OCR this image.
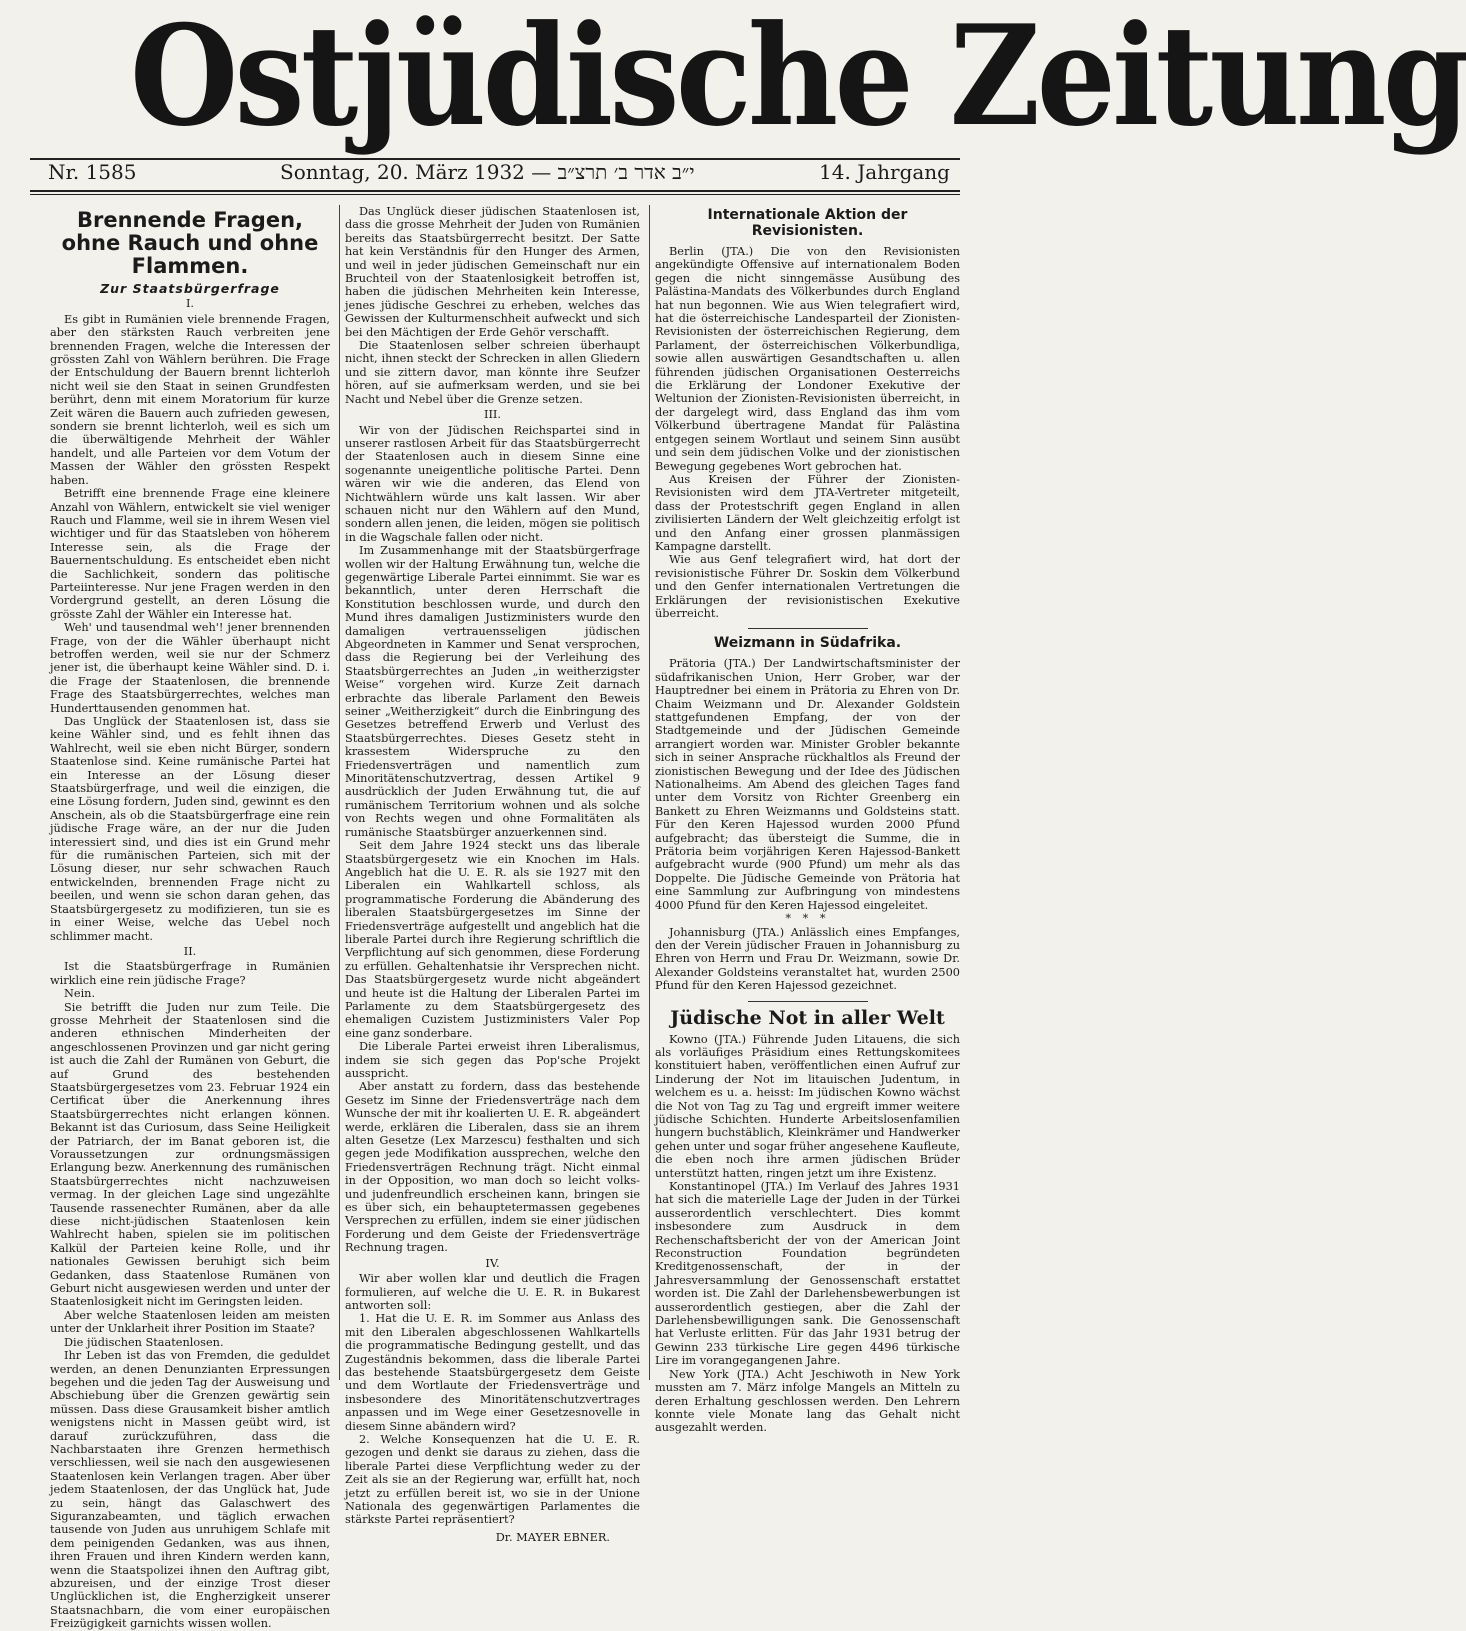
Ostjüdische Zeitung
Nr. 1585	Sonntag, 20. März 1932 — י״ב אדר ב׳ תרצ״ב	14. Jahrgang
Brennende Fragen, ohne Rauch und ohne Flammen.
Zur Staatsbürgerfrage

I.

Es gibt in Rumänien viele brennende Fragen, aber den stärksten Rauch verbreiten jene brennenden Fragen, welche die Interessen der grössten Zahl von Wählern berühren. Die Frage der Entschuldung der Bauern brennt lichterloh nicht weil sie den Staat in seinen Grundfesten berührt, denn mit einem Moratorium für kurze Zeit wären die Bauern auch zufrieden gewesen, sondern sie brennt lichterloh, weil es sich um die überwältigende Mehrheit der Wähler handelt, und alle Parteien vor dem Votum der Massen der Wähler den grössten Respekt haben.

Betrifft eine brennende Frage eine kleinere Anzahl von Wählern, entwickelt sie viel weniger Rauch und Flamme, weil sie in ihrem Wesen viel wichtiger und für das Staatsleben von höherem Interesse sein, als die Frage der Bauernentschuldung. Es entscheidet eben nicht die Sachlichkeit, sondern das politische Parteiinteresse. Nur jene Fragen werden in den Vordergrund gestellt, an deren Lösung die grösste Zahl der Wähler ein Interesse hat.

Weh' und tausendmal weh'! jener brennenden Frage, von der die Wähler überhaupt nicht betroffen werden, weil sie nur der Schmerz jener ist, die überhaupt keine Wähler sind. D. i. die Frage der Staatenlosen, die brennende Frage des Staatsbürgerrechtes, welches man Hunderttausenden genommen hat.

Das Unglück der Staatenlosen ist, dass sie keine Wähler sind, und es fehlt ihnen das Wahlrecht, weil sie eben nicht Bürger, sondern Staatenlose sind. Keine rumänische Partei hat ein Interesse an der Lösung dieser Staatsbürgerfrage, und weil die einzigen, die eine Lösung fordern, Juden sind, gewinnt es den Anschein, als ob die Staatsbürgerfrage eine rein jüdische Frage wäre, an der nur die Juden interessiert sind, und dies ist ein Grund mehr für die rumänischen Parteien, sich mit der Lösung dieser, nur sehr schwachen Rauch entwickelnden, brennenden Frage nicht zu beeilen, und wenn sie schon daran gehen, das Staatsbürgergesetz zu modifizieren, tun sie es in einer Weise, welche das Uebel noch schlimmer macht.

II.

Ist die Staatsbürgerfrage in Rumänien wirklich eine rein jüdische Frage?

Nein.

Sie betrifft die Juden nur zum Teile. Die grosse Mehrheit der Staatenlosen sind die anderen ethnischen Minderheiten der angeschlossenen Provinzen und gar nicht gering ist auch die Zahl der Rumänen von Geburt, die auf Grund des bestehenden Staatsbürgergesetzes vom 23. Februar 1924 ein Certificat über die Anerkennung ihres Staatsbürgerrechtes nicht erlangen können. Bekannt ist das Curiosum, dass Seine Heiligkeit der Patriarch, der im Banat geboren ist, die Voraussetzungen zur ordnungsmässigen Erlangung bezw. Anerkennung des rumänischen Staatsbürgerrechtes nicht nachzuweisen vermag. In der gleichen Lage sind ungezählte Tausende rassenechter Rumänen, aber da alle diese nicht-jüdischen Staatenlosen kein Wahlrecht haben, spielen sie im politischen Kalkül der Parteien keine Rolle, und ihr nationales Gewissen beruhigt sich beim Gedanken, dass Staatenlose Rumänen von Geburt nicht ausgewiesen werden und unter der Staatenlosigkeit nicht im Geringsten leiden.

Aber welche Staatenlosen leiden am meisten unter der Unklarheit ihrer Position im Staate?

Die jüdischen Staatenlosen.

Ihr Leben ist das von Fremden, die geduldet werden, an denen Denunzianten Erpressungen begehen und die jeden Tag der Ausweisung und Abschiebung über die Grenzen gewärtig sein müssen. Dass diese Grausamkeit bisher amtlich wenigstens nicht in Massen geübt wird, ist darauf zurückzuführen, dass die Nachbarstaaten ihre Grenzen hermethisch verschliessen, weil sie nach den ausgewiesenen Staatenlosen kein Verlangen tragen. Aber über jedem Staatenlosen, der das Unglück hat, Jude zu sein, hängt das Galaschwert des Siguranzabeamten, und täglich erwachen tausende von Juden aus unruhigem Schlafe mit dem peinigenden Gedanken, was aus ihnen, ihren Frauen und ihren Kindern werden kann, wenn die Staatspolizei ihnen den Auftrag gibt, abzureisen, und der einzige Trost dieser Unglücklichen ist, die Engherzigkeit unserer Staatsnachbarn, die vom einer europäischen Freizügigkeit garnichts wissen wollen.

Das Unglück dieser jüdischen Staatenlosen ist, dass die grosse Mehrheit der Juden von Rumänien bereits das Staatsbürgerrecht besitzt. Der Satte hat kein Verständnis für den Hunger des Armen, und weil in jeder jüdischen Gemeinschaft nur ein Bruchteil von der Staatenlosigkeit betroffen ist, haben die jüdischen Mehrheiten kein Interesse, jenes jüdische Geschrei zu erheben, welches das Gewissen der Kulturmenschheit aufweckt und sich bei den Mächtigen der Erde Gehör verschafft.

Die Staatenlosen selber schreien überhaupt nicht, ihnen steckt der Schrecken in allen Gliedern und sie zittern davor, man könnte ihre Seufzer hören, auf sie aufmerksam werden, und sie bei Nacht und Nebel über die Grenze setzen.

III.

Wir von der Jüdischen Reichspartei sind in unserer rastlosen Arbeit für das Staatsbürgerrecht der Staatenlosen auch in diesem Sinne eine sogenannte uneigentliche politische Partei. Denn wären wir wie die anderen, das Elend von Nichtwählern würde uns kalt lassen. Wir aber schauen nicht nur den Wählern auf den Mund, sondern allen jenen, die leiden, mögen sie politisch in die Wagschale fallen oder nicht.

Im Zusammenhange mit der Staatsbürgerfrage wollen wir der Haltung Erwähnung tun, welche die gegenwärtige Liberale Partei einnimmt. Sie war es bekanntlich, unter deren Herrschaft die Konstitution beschlossen wurde, und durch den Mund ihres damaligen Justizministers wurde den damaligen vertrauensseligen jüdischen Abgeordneten in Kammer und Senat versprochen, dass die Regierung bei der Verleihung des Staatsbürgerrechtes an Juden „in weitherzigster Weise“ vorgehen wird. Kurze Zeit darnach erbrachte das liberale Parlament den Beweis seiner „Weitherzigkeit“ durch die Einbringung des Gesetzes betreffend Erwerb und Verlust des Staatsbürgerrechtes. Dieses Gesetz steht in krassestem Widerspruche zu den Friedensverträgen und namentlich zum Minoritätenschutzvertrag, dessen Artikel 9 ausdrücklich der Juden Erwähnung tut, die auf rumänischem Territorium wohnen und als solche von Rechts wegen und ohne Formalitäten als rumänische Staatsbürger anzuerkennen sind.

Seit dem Jahre 1924 steckt uns das liberale Staatsbürgergesetz wie ein Knochen im Hals. Angeblich hat die U. E. R. als sie 1927 mit den Liberalen ein Wahlkartell schloss, als programmatische Forderung die Abänderung des liberalen Staatsbürgergesetzes im Sinne der Friedensverträge aufgestellt und angeblich hat die liberale Partei durch ihre Regierung schriftlich die Verpflichtung auf sich genommen, diese Forderung zu erfüllen. Gehaltenhatsie ihr Versprechen nicht. Das Staatsbürgergesetz wurde nicht abgeändert und heute ist die Haltung der Liberalen Partei im Parlamente zu dem Staatsbürgergesetz des ehemaligen Cuzistem Justizministers Valer Pop eine ganz sonderbare.

Die Liberale Partei erweist ihren Liberalismus, indem sie sich gegen das Pop'sche Projekt ausspricht.

Aber anstatt zu fordern, dass das bestehende Gesetz im Sinne der Friedensverträge nach dem Wunsche der mit ihr koalierten U. E. R. abgeändert werde, erklären die Liberalen, dass sie an ihrem alten Gesetze (Lex Marzescu) festhalten und sich gegen jede Modifikation aussprechen, welche den Friedensverträgen Rechnung trägt. Nicht einmal in der Opposition, wo man doch so leicht volks- und judenfreundlich erscheinen kann, bringen sie es über sich, ein behauptetermassen gegebenes Versprechen zu erfüllen, indem sie einer jüdischen Forderung und dem Geiste der Friedensverträge Rechnung tragen.

IV.

Wir aber wollen klar und deutlich die Fragen formulieren, auf welche die U. E. R. in Bukarest antworten soll:

1. Hat die U. E. R. im Sommer aus Anlass des mit den Liberalen abgeschlossenen Wahlkartells die programmatische Bedingung gestellt, und das Zugeständnis bekommen, dass die liberale Partei das bestehende Staatsbürgergesetz dem Geiste und dem Wortlaute der Friedensverträge und insbesondere des Minoritätenschutzvertrages anpassen und im Wege einer Gesetzesnovelle in diesem Sinne abändern wird?

2. Welche Konsequenzen hat die U. E. R. gezogen und denkt sie daraus zu ziehen, dass die liberale Partei diese Verpflichtung weder zu der Zeit als sie an der Regierung war, erfüllt hat, noch jetzt zu erfüllen bereit ist, wo sie in der Unione Nationala des gegenwärtigen Parlamentes die stärkste Partei repräsentiert?

Dr. MAYER EBNER.

Internationale Aktion der Revisionisten.

Berlin (JTA.) Die von den Revisionisten angekündigte Offensive auf internationalem Boden gegen die nicht sinngemässe Ausübung des Palästina-Mandats des Völkerbundes durch England hat nun begonnen. Wie aus Wien telegrafiert wird, hat die österreichische Landesparteil der Zionisten-Revisionisten der österreichischen Regierung, dem Parlament, der österreichischen Völkerbundliga, sowie allen auswärtigen Gesandtschaften u. allen führenden jüdischen Organisationen Oesterreichs die Erklärung der Londoner Exekutive der Weltunion der Zionisten-Revisionisten überreicht, in der dargelegt wird, dass England das ihm vom Völkerbund übertragene Mandat für Palästina entgegen seinem Wortlaut und seinem Sinn ausübt und sein dem jüdischen Volke und der zionistischen Bewegung gegebenes Wort gebrochen hat.

Aus Kreisen der Führer der Zionisten-Revisionisten wird dem JTA-Vertreter mitgeteilt, dass der Protestschrift gegen England in allen zivilisierten Ländern der Welt gleichzeitig erfolgt ist und den Anfang einer grossen planmässigen Kampagne darstellt.

Wie aus Genf telegrafiert wird, hat dort der revisionistische Führer Dr. Soskin dem Völkerbund und den Genfer internationalen Vertretungen die Erklärungen der revisionistischen Exekutive überreicht.

Weizmann in Südafrika.

Prätoria (JTA.) Der Landwirtschaftsminister der südafrikanischen Union, Herr Grober, war der Hauptredner bei einem in Prätoria zu Ehren von Dr. Chaim Weizmann und Dr. Alexander Goldstein stattgefundenen Empfang, der von der Stadtgemeinde und der Jüdischen Gemeinde arrangiert worden war. Minister Grobler bekannte sich in seiner Ansprache rückhaltlos als Freund der zionistischen Bewegung und der Idee des Jüdischen Nationalheims. Am Abend des gleichen Tages fand unter dem Vorsitz von Richter Greenberg ein Bankett zu Ehren Weizmanns und Goldsteins statt. Für den Keren Hajessod wurden 2000 Pfund aufgebracht; das übersteigt die Summe, die in Prätoria beim vorjährigen Keren Hajessod-Bankett aufgebracht wurde (900 Pfund) um mehr als das Doppelte. Die Jüdische Gemeinde von Prätoria hat eine Sammlung zur Aufbringung von mindestens 4000 Pfund für den Keren Hajessod eingeleitet.

* * *

Johannisburg (JTA.) Anlässlich eines Empfanges, den der Verein jüdischer Frauen in Johannisburg zu Ehren von Herrn und Frau Dr. Weizmann, sowie Dr. Alexander Goldsteins veranstaltet hat, wurden 2500 Pfund für den Keren Hajessod gezeichnet.

Jüdische Not in aller Welt

Kowno (JTA.) Führende Juden Litauens, die sich als vorläufiges Präsidium eines Rettungskomitees konstituiert haben, veröffentlichen einen Aufruf zur Linderung der Not im litauischen Judentum, in welchem es u. a. heisst: Im jüdischen Kowno wächst die Not von Tag zu Tag und ergreift immer weitere jüdische Schichten. Hunderte Arbeitslosenfamilien hungern buchstäblich, Kleinkrämer und Handwerker gehen unter und sogar früher angesehene Kaufleute, die eben noch ihre armen jüdischen Brüder unterstützt hatten, ringen jetzt um ihre Existenz.

Konstantinopel (JTA.) Im Verlauf des Jahres 1931 hat sich die materielle Lage der Juden in der Türkei ausserordentlich verschlechtert. Dies kommt insbesondere zum Ausdruck in dem Rechenschaftsbericht der von der American Joint Reconstruction Foundation begründeten Kreditgenossenschaft, der in der Jahresversammlung der Genossenschaft erstattet worden ist. Die Zahl der Darlehensbewerbungen ist ausserordentlich gestiegen, aber die Zahl der Darlehensbewilligungen sank. Die Genossenschaft hat Verluste erlitten. Für das Jahr 1931 betrug der Gewinn 233 türkische Lire gegen 4496 türkische Lire im vorangegangenen Jahre.

New York (JTA.) Acht Jeschiwoth in New York mussten am 7. März infolge Mangels an Mitteln zu deren Erhaltung geschlossen werden. Den Lehrern konnte viele Monate lang das Gehalt nicht ausgezahlt werden.
